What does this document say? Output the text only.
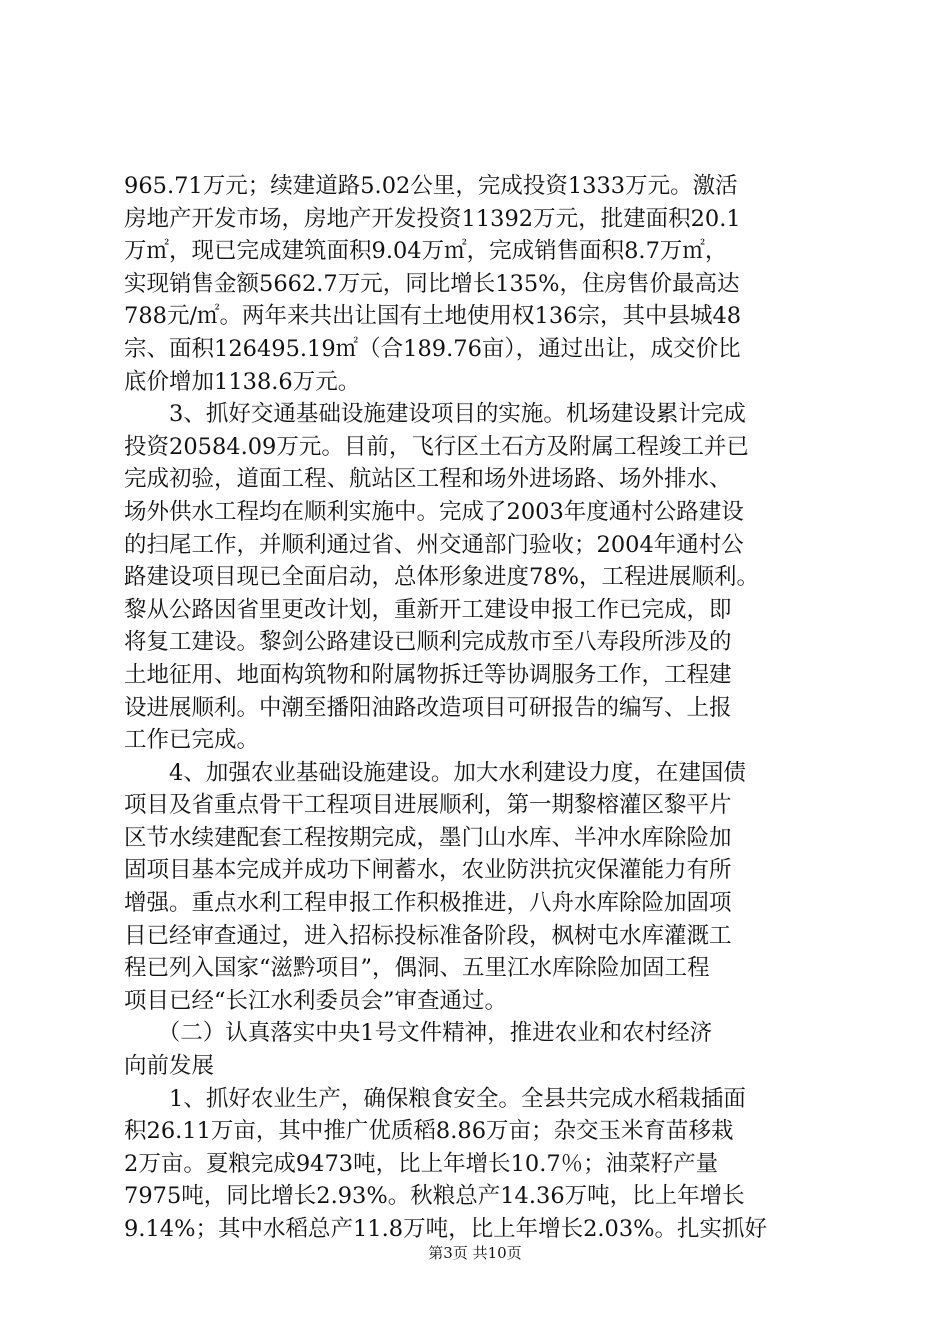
965.71万元；续建道路5.02公里，完成投资1333万元。激活
房地产开发市场，房地产开发投资11392万元，批建面积20.1
万㎡，现已完成建筑面积9.04万㎡，完成销售面积8.7万㎡，
实现销售金额5662.7万元，同比增长135%，住房售价最高达
788元/㎡。两年来共出让国有土地使用权136宗，其中县城48
宗、面积126495.19㎡（合189.76亩），通过出让，成交价比
底价增加1138.6万元。
　　3、抓好交通基础设施建设项目的实施。机场建设累计完成
投资20584.09万元。目前，飞行区土石方及附属工程竣工并已
完成初验，道面工程、航站区工程和场外进场路、场外排水、
场外供水工程均在顺利实施中。完成了2003年度通村公路建设
的扫尾工作，并顺利通过省、州交通部门验收；2004年通村公
路建设项目现已全面启动，总体形象进度78%，工程进展顺利。
黎从公路因省里更改计划，重新开工建设申报工作已完成，即
将复工建设。黎剑公路建设已顺利完成敖市至八寿段所涉及的
土地征用、地面构筑物和附属物拆迁等协调服务工作，工程建
设进展顺利。中潮至播阳油路改造项目可研报告的编写、上报
工作已完成。
　　4、加强农业基础设施建设。加大水利建设力度，在建国债
项目及省重点骨干工程项目进展顺利，第一期黎榕灌区黎平片
区节水续建配套工程按期完成，墨门山水库、半冲水库除险加
固项目基本完成并成功下闸蓄水，农业防洪抗灾保灌能力有所
增强。重点水利工程申报工作积极推进，八舟水库除险加固项
目已经审查通过，进入招标投标准备阶段，枫树屯水库灌溉工
程已列入国家“滋黔项目”，偶洞、五里江水库除险加固工程
项目已经“长江水利委员会”审查通过。
　　（二）认真落实中央1号文件精神，推进农业和农村经济
向前发展
　　1、抓好农业生产，确保粮食安全。全县共完成水稻栽插面
积26.11万亩，其中推广优质稻8.86万亩；杂交玉米育苗移栽
2万亩。夏粮完成9473吨，比上年增长10.7％；油菜籽产量
7975吨，同比增长2.93%。秋粮总产14.36万吨，比上年增长
9.14%；其中水稻总产11.8万吨，比上年增长2.03%。扎实抓好
第3页 共10页
